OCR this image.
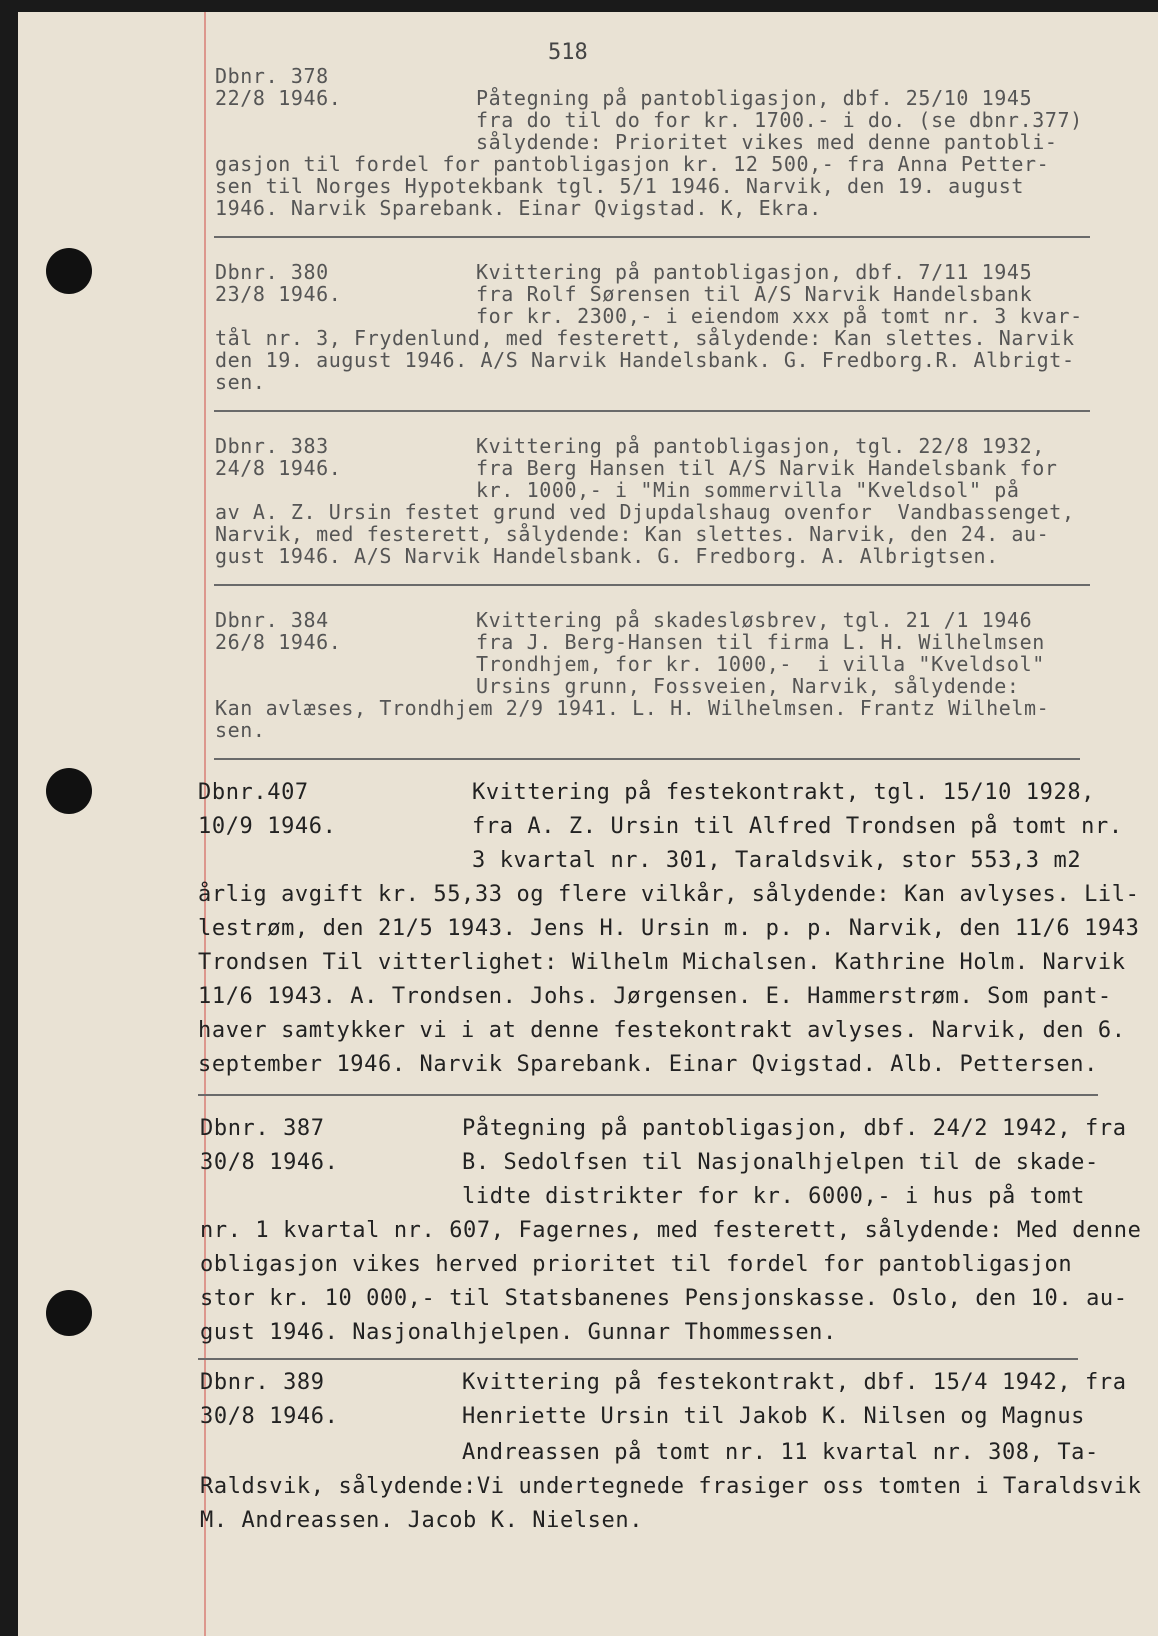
518
Dbnr. 378
22/8 1946.	Påtegning på pantobligasjon, dbf. 25/10 1945
fra do til do for kr. 1700.- i do. (se dbnr.377)
sålydende: Prioritet vikes med denne pantobli-
gasjon til fordel for pantobligasjon kr. 12 500,- fra Anna Petter-
sen til Norges Hypotekbank tgl. 5/1 1946. Narvik, den 19. august
1946. Narvik Sparebank. Einar Qvigstad. K, Ekra.
Dbnr. 380
23/8 1946.
Kvittering på pantobligasjon, dbf. 7/11 1945
fra Rolf Sørensen til A/S Narvik Handelsbank
for kr. 2300,- i eiendom xxx på tomt nr. 3 kvar-
tål nr. 3, Frydenlund, med festerett, sålydende: Kan slettes. Narvik
den 19. august 1946. A/S Narvik Handelsbank. G. Fredborg.R. Albrigt-
sen.
Dbnr. 383
24/8 1946.
Kvittering på pantobligasjon, tgl. 22/8 1932,
fra Berg Hansen til A/S Narvik Handelsbank for
kr. 1000,- i "Min sommervilla "Kveldsol" på
av A. Z. Ursin festet grund ved Djupdalshaug ovenfor  Vandbassenget,
Narvik, med festerett, sålydende: Kan slettes. Narvik, den 24. au-
gust 1946. A/S Narvik Handelsbank. G. Fredborg. A. Albrigtsen.
Dbnr. 384
26/8 1946.
Kvittering på skadesløsbrev, tgl. 21 /1 1946
fra J. Berg-Hansen til firma L. H. Wilhelmsen
Trondhjem, for kr. 1000,-  i villa "Kveldsol"
Ursins grunn, Fossveien, Narvik, sålydende:
Kan avlæses, Trondhjem 2/9 1941. L. H. Wilhelmsen. Frantz Wilhelm-
sen.
Dbnr.407
10/9 1946.
Kvittering på festekontrakt, tgl. 15/10 1928,
fra A. Z. Ursin til Alfred Trondsen på tomt nr.
3 kvartal nr. 301, Taraldsvik, stor 553,3 m2
årlig avgift kr. 55,33 og flere vilkår, sålydende: Kan avlyses. Lil-
lestrøm, den 21/5 1943. Jens H. Ursin m. p. p. Narvik, den 11/6 1943
Trondsen Til vitterlighet: Wilhelm Michalsen. Kathrine Holm. Narvik
11/6 1943. A. Trondsen. Johs. Jørgensen. E. Hammerstrøm. Som pant-
haver samtykker vi i at denne festekontrakt avlyses. Narvik, den 6.
september 1946. Narvik Sparebank. Einar Qvigstad. Alb. Pettersen.
Dbnr. 387
30/8 1946.
Påtegning på pantobligasjon, dbf. 24/2 1942, fra
B. Sedolfsen til Nasjonalhjelpen til de skade-
lidte distrikter for kr. 6000,- i hus på tomt
nr. 1 kvartal nr. 607, Fagernes, med festerett, sålydende: Med denne
obligasjon vikes herved prioritet til fordel for pantobligasjon
stor kr. 10 000,- til Statsbanenes Pensjonskasse. Oslo, den 10. au-
gust 1946. Nasjonalhjelpen. Gunnar Thommessen.
Dbnr. 389
30/8 1946.
Kvittering på festekontrakt, dbf. 15/4 1942, fra
Henriette Ursin til Jakob K. Nilsen og Magnus
Andreassen på tomt nr. 11 kvartal nr. 308, Ta-
Raldsvik, sålydende:Vi undertegnede frasiger oss tomten i Taraldsvik
M. Andreassen. Jacob K. Nielsen.
